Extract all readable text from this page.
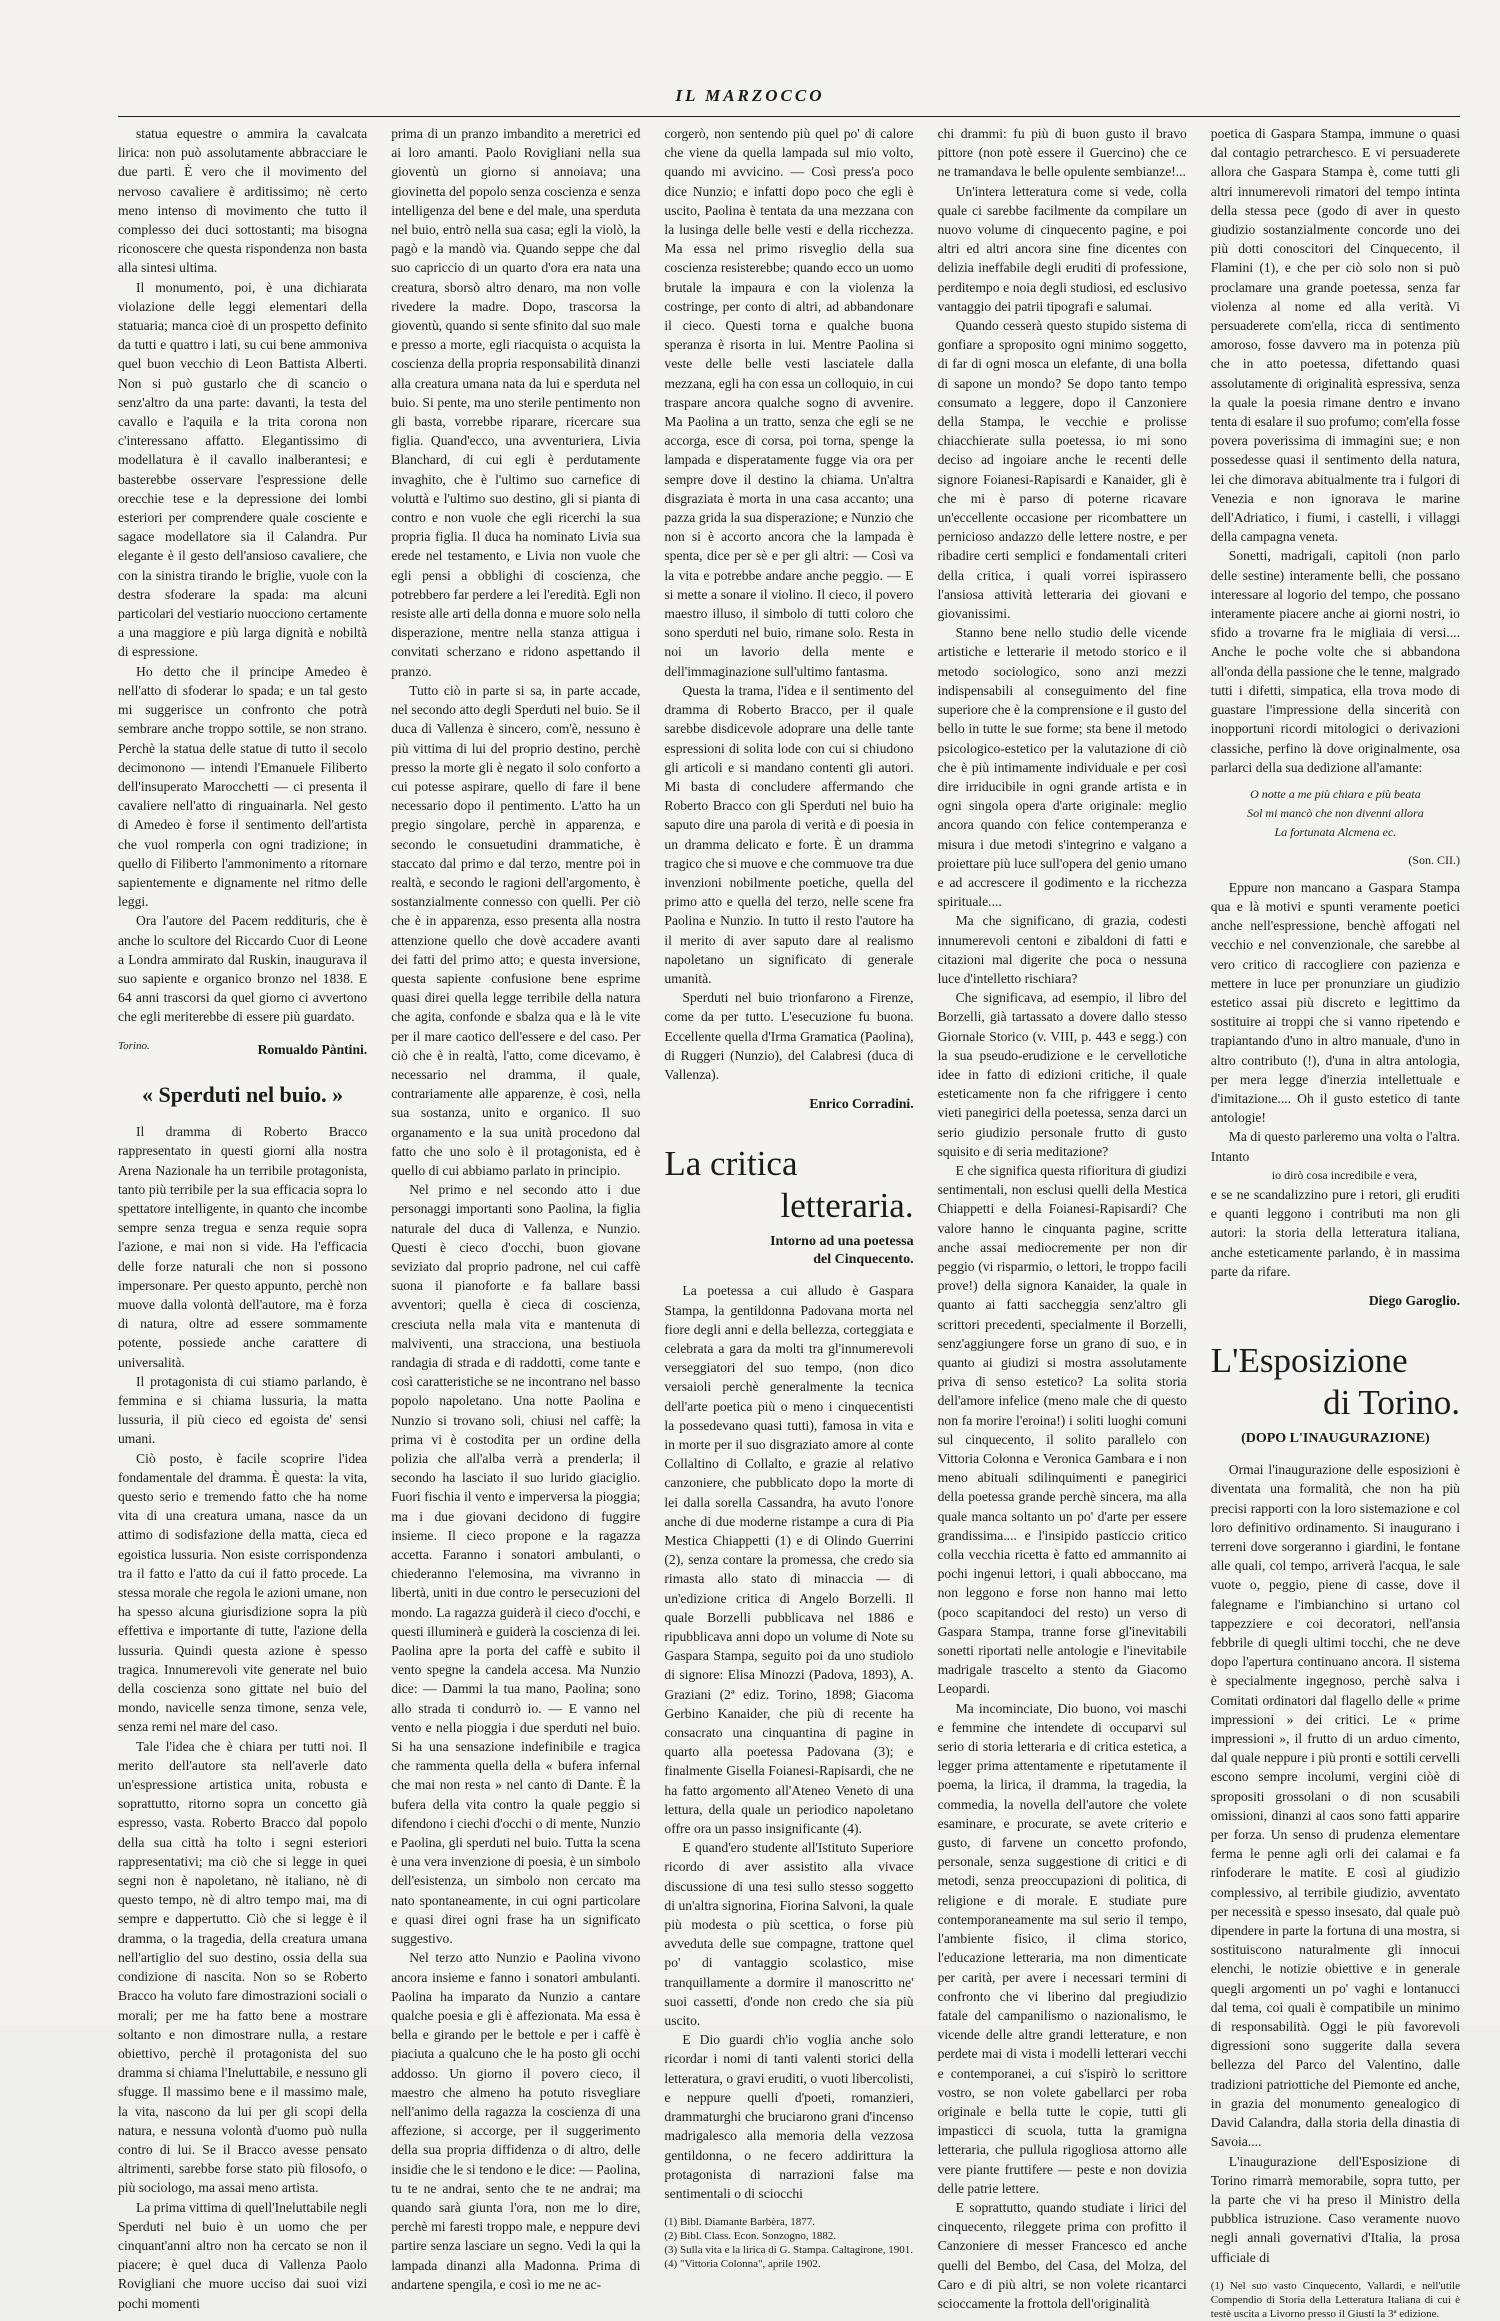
IL MARZOCCO

statua equestre o ammira la cavalcata lirica: non può assolutamente abbracciare le due parti. È vero che il movimento del nervoso cavaliere è arditissimo; nè certo meno intenso di movimento che tutto il complesso dei duci sottostanti; ma bisogna riconoscere che questa rispondenza non basta alla sintesi ultima.

Il monumento, poi, è una dichiarata violazione delle leggi elementari della statuaria; manca cioè di un prospetto definito da tutti e quattro i lati, su cui bene ammoniva quel buon vecchio di Leon Battista Alberti. Non si può gustarlo che di scancio o senz'altro da una parte: davanti, la testa del cavallo e l'aquila e la trita corona non c'interessano affatto. Elegantissimo di modellatura è il cavallo inalberantesi; e basterebbe osservare l'espressione delle orecchie tese e la depressione dei lombi esteriori per comprendere quale cosciente e sagace modellatore sia il Calandra. Pur elegante è il gesto dell'ansioso cavaliere, che con la sinistra tirando le briglie, vuole con la destra sfoderare la spada: ma alcuni particolari del vestiario nuocciono certamente a una maggiore e più larga dignità e nobiltà di espressione.

Ho detto che il principe Amedeo è nell'atto di sfoderar lo spada; e un tal gesto mi suggerisce un confronto che potrà sembrare anche troppo sottile, se non strano. Perchè la statua delle statue di tutto il secolo decimonono — intendi l'Emanuele Filiberto dell'insuperato Marocchetti — ci presenta il cavaliere nell'atto di ringuainarla. Nel gesto di Amedeo è forse il sentimento dell'artista che vuol romperla con ogni tradizione; in quello di Filiberto l'ammonimento a ritornare sapientemente e dignamente nel ritmo delle leggi.

Ora l'autore del Pacem reddituris, che è anche lo scultore del Riccardo Cuor di Leone a Londra ammirato dal Ruskin, inaugurava il suo sapiente e organico bronzo nel 1838. E 64 anni trascorsi da quel giorno ci avvertono che egli meriterebbe di essere più guardato.

Torino.	Romualdo Pàntini.
« Sperduti nel buio. »

Il dramma di Roberto Bracco rappresentato in questi giorni alla nostra Arena Nazionale ha un terribile protagonista, tanto più terribile per la sua efficacia sopra lo spettatore intelligente, in quanto che incombe sempre senza tregua e senza requie sopra l'azione, e mai non si vide. Ha l'efficacia delle forze naturali che non si possono impersonare. Per questo appunto, perchè non muove dalla volontà dell'autore, ma è forza di natura, oltre ad essere sommamente potente, possiede anche carattere di universalità.

Il protagonista di cui stiamo parlando, è femmina e si chiama lussuria, la matta lussuria, il più cieco ed egoista de' sensi umani.

Ciò posto, è facile scoprire l'idea fondamentale del dramma. È questa: la vita, questo serio e tremendo fatto che ha nome vita di una creatura umana, nasce da un attimo di sodisfazione della matta, cieca ed egoistica lussuria. Non esiste corrispondenza tra il fatto e l'atto da cui il fatto procede. La stessa morale che regola le azioni umane, non ha spesso alcuna giurisdizione sopra la più effettiva e importante di tutte, l'azione della lussuria. Quindi questa azione è spesso tragica. Innumerevoli vite generate nel buio della coscienza sono gittate nel buio del mondo, navicelle senza timone, senza vele, senza remi nel mare del caso.

Tale l'idea che è chiara per tutti noi. Il merito dell'autore sta nell'averle dato un'espressione artistica unita, robusta e soprattutto, ritorno sopra un concetto già espresso, vasta. Roberto Bracco dal popolo della sua città ha tolto i segni esteriori rappresentativi; ma ciò che si legge in quei segni non è napoletano, nè italiano, nè di questo tempo, nè di altro tempo mai, ma di sempre e dappertutto. Ciò che si legge è il dramma, o la tragedia, della creatura umana nell'artiglio del suo destino, ossia della sua condizione di nascita. Non so se Roberto Bracco ha voluto fare dimostrazioni sociali o morali; per me ha fatto bene a mostrare soltanto e non dimostrare nulla, a restare obiettivo, perchè il protagonista del suo dramma si chiama l'Ineluttabile, e nessuno gli sfugge. Il massimo bene e il massimo male, la vita, nascono da lui per gli scopi della natura, e nessuna volontà d'uomo può nulla contro di lui. Se il Bracco avesse pensato altrimenti, sarebbe forse stato più filosofo, o più sociologo, ma assai meno artista.

La prima vittima di quell'Ineluttabile negli Sperduti nel buio è un uomo che per cinquant'anni altro non ha cercato se non il piacere; è quel duca di Vallenza Paolo Rovigliani che muore ucciso dai suoi vizi pochi momenti

prima di un pranzo imbandito a meretrici ed ai loro amanti. Paolo Rovigliani nella sua gioventù un giorno si annoiava; una giovinetta del popolo senza coscienza e senza intelligenza del bene e del male, una sperduta nel buio, entrò nella sua casa; egli la violò, la pagò e la mandò via. Quando seppe che dal suo capriccio di un quarto d'ora era nata una creatura, sborsò altro denaro, ma non volle rivedere la madre. Dopo, trascorsa la gioventù, quando si sente sfinito dal suo male e presso a morte, egli riacquista o acquista la coscienza della propria responsabilità dinanzi alla creatura umana nata da lui e sperduta nel buio. Si pente, ma uno sterile pentimento non gli basta, vorrebbe riparare, ricercare sua figlia. Quand'ecco, una avventuriera, Livia Blanchard, di cui egli è perdutamente invaghito, che è l'ultimo suo carnefice di voluttà e l'ultimo suo destino, gli si pianta di contro e non vuole che egli ricerchi la sua propria figlia. Il duca ha nominato Livia sua erede nel testamento, e Livia non vuole che egli pensi a obblighi di coscienza, che potrebbero far perdere a lei l'eredità. Egli non resiste alle arti della donna e muore solo nella disperazione, mentre nella stanza attigua i convitati scherzano e ridono aspettando il pranzo.

Tutto ciò in parte si sa, in parte accade, nel secondo atto degli Sperduti nel buio. Se il duca di Vallenza è sincero, com'è, nessuno è più vittima di lui del proprio destino, perchè presso la morte gli è negato il solo conforto a cui potesse aspirare, quello di fare il bene necessario dopo il pentimento. L'atto ha un pregio singolare, perchè in apparenza, e secondo le consuetudini drammatiche, è staccato dal primo e dal terzo, mentre poi in realtà, e secondo le ragioni dell'argomento, è sostanzialmente connesso con quelli. Per ciò che è in apparenza, esso presenta alla nostra attenzione quello che dovè accadere avanti dei fatti del primo atto; e questa inversione, questa sapiente confusione bene esprime quasi direi quella legge terribile della natura che agita, confonde e sbalza qua e là le vite per il mare caotico dell'essere e del caso. Per ciò che è in realtà, l'atto, come dicevamo, è necessario nel dramma, il quale, contrariamente alle apparenze, è così, nella sua sostanza, unito e organico. Il suo organamento e la sua unità procedono dal fatto che uno solo è il protagonista, ed è quello di cui abbiamo parlato in principio.

Nel primo e nel secondo atto i due personaggi importanti sono Paolina, la figlia naturale del duca di Vallenza, e Nunzio. Questi è cieco d'occhi, buon giovane seviziato dal proprio padrone, nel cui caffè suona il pianoforte e fa ballare bassi avventori; quella è cieca di coscienza, cresciuta nella mala vita e mantenuta di malviventi, una stracciona, una bestiuola randagia di strada e di raddotti, come tante e così caratteristiche se ne incontrano nel basso popolo napoletano. Una notte Paolina e Nunzio si trovano soli, chiusi nel caffè; la prima vi è costodita per un ordine della polizia che all'alba verrà a prenderla; il secondo ha lasciato il suo lurido giaciglio. Fuori fischia il vento e imperversa la pioggia; ma i due giovani decidono di fuggire insieme. Il cieco propone e la ragazza accetta. Faranno i sonatori ambulanti, o chiederanno l'elemosina, ma vivranno in libertà, uniti in due contro le persecuzioni del mondo. La ragazza guiderà il cieco d'occhi, e questi illuminerà e guiderà la coscienza di lei. Paolina apre la porta del caffè e subito il vento spegne la candela accesa. Ma Nunzio dice: — Dammi la tua mano, Paolina; sono allo strada ti condurrò io. — E vanno nel vento e nella pioggia i due sperduti nel buio. Si ha una sensazione indefinibile e tragica che rammenta quella della « bufera infernal che mai non resta » nel canto di Dante. È la bufera della vita contro la quale peggio si difendono i ciechi d'occhi o di mente, Nunzio e Paolina, gli sperduti nel buio. Tutta la scena è una vera invenzione di poesia, è un simbolo dell'esistenza, un simbolo non cercato ma nato spontaneamente, in cui ogni particolare e quasi direi ogni frase ha un significato suggestivo.

Nel terzo atto Nunzio e Paolina vivono ancora insieme e fanno i sonatori ambulanti. Paolina ha imparato da Nunzio a cantare qualche poesia e gli è affezionata. Ma essa è bella e girando per le bettole e per i caffè è piaciuta a qualcuno che le ha posto gli occhi addosso. Un giorno il povero cieco, il maestro che almeno ha potuto risvegliare nell'animo della ragazza la coscienza di una affezione, si accorge, per il suggerimento della sua propria diffidenza o di altro, delle insidie che le si tendono e le dice: — Paolina, tu te ne andrai, sento che te ne andrai; ma quando sarà giunta l'ora, non me lo dire, perchè mi faresti troppo male, e neppure devi partire senza lasciare un segno. Vedi la qui la lampada dinanzi alla Madonna. Prima di andartene spengila, e così io me ne ac-

corgerò, non sentendo più quel po' di calore che viene da quella lampada sul mio volto, quando mi avvicino. — Così press'a poco dice Nunzio; e infatti dopo poco che egli è uscito, Paolina è tentata da una mezzana con la lusinga delle belle vesti e della ricchezza. Ma essa nel primo risveglio della sua coscienza resisterebbe; quando ecco un uomo brutale la impaura e con la violenza la costringe, per conto di altri, ad abbandonare il cieco. Questi torna e qualche buona speranza è risorta in lui. Mentre Paolina si veste delle belle vesti lasciatele dalla mezzana, egli ha con essa un colloquio, in cui traspare ancora qualche sogno di avvenire. Ma Paolina a un tratto, senza che egli se ne accorga, esce di corsa, poi torna, spenge la lampada e disperatamente fugge via ora per sempre dove il destino la chiama. Un'altra disgraziata è morta in una casa accanto; una pazza grida la sua disperazione; e Nunzio che non si è accorto ancora che la lampada è spenta, dice per sè e per gli altri: — Così va la vita e potrebbe andare anche peggio. — E si mette a sonare il violino. Il cieco, il povero maestro illuso, il simbolo di tutti coloro che sono sperduti nel buio, rimane solo. Resta in noi un lavorio della mente e dell'immaginazione sull'ultimo fantasma.

Questa la trama, l'idea e il sentimento del dramma di Roberto Bracco, per il quale sarebbe disdicevole adoprare una delle tante espressioni di solita lode con cui si chiudono gli articoli e si mandano contenti gli autori. Mi basta di concludere affermando che Roberto Bracco con gli Sperduti nel buio ha saputo dire una parola di verità e di poesia in un dramma delicato e forte. È un dramma tragico che si muove e che commuove tra due invenzioni nobilmente poetiche, quella del primo atto e quella del terzo, nelle scene fra Paolina e Nunzio. In tutto il resto l'autore ha il merito di aver saputo dare al realismo napoletano un significato di generale umanità.

Sperduti nel buio trionfarono a Firenze, come da per tutto. L'esecuzione fu buona. Eccellente quella d'Irma Gramatica (Paolina), di Ruggeri (Nunzio), del Calabresi (duca di Vallenza).

Enrico Corradini.
La critica
letteraria.
Intorno ad una poetessa
del Cinquecento.

La poetessa a cui alludo è Gaspara Stampa, la gentildonna Padovana morta nel fiore degli anni e della bellezza, corteggiata e celebrata a gara da molti tra gl'innumerevoli verseggiatori del suo tempo, (non dico versaioli perchè generalmente la tecnica dell'arte poetica più o meno i cinquecentisti la possedevano quasi tutti), famosa in vita e in morte per il suo disgraziato amore al conte Collaltino di Collalto, e grazie al relativo canzoniere, che pubblicato dopo la morte di lei dalla sorella Cassandra, ha avuto l'onore anche di due moderne ristampe a cura di Pia Mestica Chiappetti (1) e di Olindo Guerrini (2), senza contare la promessa, che credo sia rimasta allo stato di minaccia — di un'edizione critica di Angelo Borzelli. Il quale Borzelli pubblicava nel 1886 e ripubblicava anni dopo un volume di Note su Gaspara Stampa, seguito poi da uno studiolo di signore: Elisa Minozzi (Padova, 1893), A. Graziani (2ª ediz. Torino, 1898; Giacoma Gerbino Kanaider, che più di recente ha consacrato una cinquantina di pagine in quarto alla poetessa Padovana (3); e finalmente Gisella Foianesi-Rapisardi, che ne ha fatto argomento all'Ateneo Veneto di una lettura, della quale un periodico napoletano offre ora un passo insignificante (4).

E quand'ero studente all'Istituto Superiore ricordo di aver assistito alla vivace discussione di una tesi sullo stesso soggetto di un'altra signorina, Fiorina Salvoni, la quale più modesta o più scettica, o forse più avveduta delle sue compagne, trattone quel po' di vantaggio scolastico, mise tranquillamente a dormire il manoscritto ne' suoi cassetti, d'onde non credo che sia più uscito.

E Dio guardi ch'io voglia anche solo ricordar i nomi di tanti valenti storici della letteratura, o gravi eruditi, o vuoti libercolisti, e neppure quelli d'poeti, romanzieri, drammaturghi che bruciarono grani d'incenso madrigalesco alla memoria della vezzosa gentildonna, o ne fecero addirittura la protagonista di narrazioni false ma sentimentali o di sciocchi

(1) Bibl. Diamante Barbèra, 1877.
(2) Bibl. Class. Econ. Sonzogno, 1882.
(3) Sulla vita e la lirica di G. Stampa. Caltagirone, 1901.
(4) "Vittoria Colonna", aprile 1902.

chi drammi: fu più di buon gusto il bravo pittore (non potè essere il Guercino) che ce ne tramandava le belle opulente sembianze!...

Un'intera letteratura come si vede, colla quale ci sarebbe facilmente da compilare un nuovo volume di cinquecento pagine, e poi altri ed altri ancora sine fine dicentes con delizia ineffabile degli eruditi di professione, perditempo e noia degli studiosi, ed esclusivo vantaggio dei patrii tipografi e salumai.

Quando cesserà questo stupido sistema di gonfiare a sproposito ogni minimo soggetto, di far di ogni mosca un elefante, di una bolla di sapone un mondo? Se dopo tanto tempo consumato a leggere, dopo il Canzoniere della Stampa, le vecchie e prolisse chiacchierate sulla poetessa, io mi sono deciso ad ingoiare anche le recenti delle signore Foianesi-Rapisardi e Kanaider, gli è che mi è parso di poterne ricavare un'eccellente occasione per ricombattere un pernicioso andazzo delle lettere nostre, e per ribadire certi semplici e fondamentali criteri della critica, i quali vorrei ispirassero l'ansiosa attività letteraria dei giovani e giovanissimi.

Stanno bene nello studio delle vicende artistiche e letterarie il metodo storico e il metodo sociologico, sono anzi mezzi indispensabili al conseguimento del fine superiore che è la comprensione e il gusto del bello in tutte le sue forme; sta bene il metodo psicologico-estetico per la valutazione di ciò che è più intimamente individuale e per così dire irriducibile in ogni grande artista e in ogni singola opera d'arte originale: meglio ancora quando con felice contemperanza e misura i due metodi s'integrino e valgano a proiettare più luce sull'opera del genio umano e ad accrescere il godimento e la ricchezza spirituale....

Ma che significano, di grazia, codesti innumerevoli centoni e zibaldoni di fatti e citazioni mal digerite che poca o nessuna luce d'intelletto rischiara?

Che significava, ad esempio, il libro del Borzelli, già tartassato a dovere dallo stesso Giornale Storico (v. VIII, p. 443 e segg.) con la sua pseudo-erudizione e le cervellotiche idee in fatto di edizioni critiche, il quale esteticamente non fa che rifriggere i cento vieti panegirici della poetessa, senza darci un serio giudizio personale frutto di gusto squisito e di seria meditazione?

E che significa questa rifioritura di giudizi sentimentali, non esclusi quelli della Mestica Chiappetti e della Foianesi-Rapisardi? Che valore hanno le cinquanta pagine, scritte anche assai mediocremente per non dir peggio (vi risparmio, o lettori, le troppo facili prove!) della signora Kanaider, la quale in quanto ai fatti saccheggia senz'altro gli scrittori precedenti, specialmente il Borzelli, senz'aggiungere forse un grano di suo, e in quanto ai giudizi si mostra assolutamente priva di senso estetico? La solita storia dell'amore infelice (meno male che di questo non fa morire l'eroina!) i soliti luoghi comuni sul cinquecento, il solito parallelo con Vittoria Colonna e Veronica Gambara e i non meno abituali sdilinquimenti e panegirici della poetessa grande perchè sincera, ma alla quale manca soltanto un po' d'arte per essere grandissima.... e l'insipido pasticcio critico colla vecchia ricetta è fatto ed ammannito ai pochi ingenui lettori, i quali abboccano, ma non leggono e forse non hanno mai letto (poco scapitandoci del resto) un verso di Gaspara Stampa, tranne forse gl'inevitabili sonetti riportati nelle antologie e l'inevitabile madrigale trascelto a stento da Giacomo Leopardi.

Ma incominciate, Dio buono, voi maschi e femmine che intendete di occuparvi sul serio di storia letteraria e di critica estetica, a legger prima attentamente e ripetutamente il poema, la lirica, il dramma, la tragedia, la commedia, la novella dell'autore che volete esaminare, e procurate, se avete criterio e gusto, di farvene un concetto profondo, personale, senza suggestione di critici e di metodi, senza preoccupazioni di politica, di religione e di morale. E studiate pure contemporaneamente ma sul serio il tempo, l'ambiente fisico, il clima storico, l'educazione letteraria, ma non dimenticate per carità, per avere i necessari termini di confronto che vi liberino dal pregiudizio fatale del campanilismo o nazionalismo, le vicende delle altre grandi letterature, e non perdete mai di vista i modelli letterari vecchi e contemporanei, a cui s'ispirò lo scrittore vostro, se non volete gabellarci per roba originale e bella tutte le copie, tutti gli impasticci di scuola, tutta la gramigna letteraria, che pullula rigogliosa attorno alle vere piante fruttifere — peste e non dovizia delle patrie lettere.

E soprattutto, quando studiate i lirici del cinquecento, rileggete prima con profitto il Canzoniere di messer Francesco ed anche quelli del Bembo, del Casa, del Molza, del Caro e di più altri, se non volete ricantarci scioccamente la frottola dell'originalità

poetica di Gaspara Stampa, immune o quasi dal contagio petrarchesco. E vi persuaderete allora che Gaspara Stampa è, come tutti gli altri innumerevoli rimatori del tempo intinta della stessa pece (godo di aver in questo giudizio sostanzialmente concorde uno dei più dotti conoscitori del Cinquecento, il Flamini (1), e che per ciò solo non si può proclamare una grande poetessa, senza far violenza al nome ed alla verità. Vi persuaderete com'ella, ricca di sentimento amoroso, fosse davvero ma in potenza più che in atto poetessa, difettando quasi assolutamente di originalità espressiva, senza la quale la poesia rimane dentro e invano tenta di esalare il suo profumo; com'ella fosse povera poverissima di immagini sue; e non possedesse quasi il sentimento della natura, lei che dimorava abitualmente tra i fulgori di Venezia e non ignorava le marine dell'Adriatico, i fiumi, i castelli, i villaggi della campagna veneta.

Sonetti, madrigali, capitoli (non parlo delle sestine) interamente belli, che possano interessare al logorio del tempo, che possano interamente piacere anche ai giorni nostri, io sfido a trovarne fra le migliaia di versi.... Anche le poche volte che si abbandona all'onda della passione che le tenne, malgrado tutti i difetti, simpatica, ella trova modo di guastare l'impressione della sincerità con inopportuni ricordi mitologici o derivazioni classiche, perfino là dove originalmente, osa parlarci della sua dedizione all'amante:

O notte a me più chiara e più beata
Sol mi mancò che non divenni allora
La fortunata Alcmena ec.
(Son. CII.)

Eppure non mancano a Gaspara Stampa qua e là motivi e spunti veramente poetici anche nell'espressione, benchè affogati nel vecchio e nel convenzionale, che sarebbe al vero critico di raccogliere con pazienza e mettere in luce per pronunziare un giudizio estetico assai più discreto e legittimo da sostituire ai troppi che si vanno ripetendo e trapiantando d'uno in altro manuale, d'uno in altro contributo (!), d'una in altra antologia, per mera legge d'inerzia intellettuale e d'imitazione.... Oh il gusto estetico di tante antologie!

Ma di questo parleremo una volta o l'altra. Intanto

io dirò cosa incredibile e vera,

e se ne scandalizzino pure i retori, gli eruditi e quanti leggono i contributi ma non gli autori: la storia della letteratura italiana, anche esteticamente parlando, è in massima parte da rifare.

Diego Garoglio.
L'Esposizione
di Torino.
(DOPO L'INAUGURAZIONE)

Ormai l'inaugurazione delle esposizioni è diventata una formalità, che non ha più precisi rapporti con la loro sistemazione e col loro definitivo ordinamento. Si inaugurano i terreni dove sorgeranno i giardini, le fontane alle quali, col tempo, arriverà l'acqua, le sale vuote o, peggio, piene di casse, dove il falegname e l'imbianchino si urtano col tappezziere e coi decoratori, nell'ansia febbrile di quegli ultimi tocchi, che ne deve dopo l'apertura continuano ancora. Il sistema è specialmente ingegnoso, perchè salva i Comitati ordinatori dal flagello delle « prime impressioni » dei critici. Le « prime impressioni », il frutto di un arduo cimento, dal quale neppure i più pronti e sottili cervelli escono sempre incolumi, vergini ciòè di spropositi grossolani o di non scusabili omissioni, dinanzi al caos sono fatti apparire per forza. Un senso di prudenza elementare ferma le penne agli orli dei calamai e fa rinfoderare le matite. E così al giudizio complessivo, al terribile giudizio, avventato per necessità e spesso insesato, dal quale può dipendere in parte la fortuna di una mostra, si sostituiscono naturalmente gli innocui elenchi, le notizie obiettive e in generale quegli argomenti un po' vaghi e lontanucci dal tema, coi quali è compatibile un minimo di responsabilità. Oggi le più favorevoli digressioni sono suggerite dalla severa bellezza del Parco del Valentino, dalle tradizioni patriottiche del Piemonte ed anche, in grazia del monumento genealogico di David Calandra, dalla storia della dinastia di Savoia....

L'inaugurazione dell'Esposizione di Torino rimarrà memorabile, sopra tutto, per la parte che vi ha preso il Ministro della pubblica istruzione. Caso veramente nuovo negli annali governativi d'Italia, la prosa ufficiale di

(1) Nel suo vasto Cinquecento, Vallardi, e nell'utile Compendio di Storia della Letteratura Italiana di cui è testè uscita a Livorno presso il Giusti la 3ª edizione.
